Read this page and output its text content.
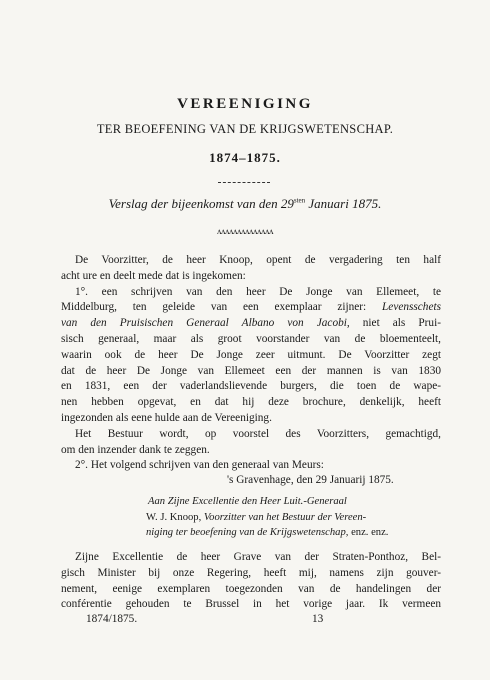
VEREENIGING
TER BEOEFENING VAN DE KRIJGSWETENSCHAP.
1874–1875.
Verslag der bijeenkomst van den $29^{sten}$ Januari 1875.
ʌʌʌʌʌʌʌʌʌʌʌʌʌʌ
De Voorzitter, de heer Knoop, opent de vergadering ten half
acht ure en deelt mede dat is ingekomen:
1°. een schrijven van den heer De Jonge van Ellemeet, te
Middelburg, ten geleide van een exemplaar zijner: Levensschets
van den Pruisischen Generaal Albano von Jacobi, niet als Prui-
sisch generaal, maar als groot voorstander van de bloementeelt,
waarin ook de heer De Jonge zeer uitmunt. De Voorzitter zegt
dat de heer De Jonge van Ellemeet een der mannen is van 1830
en 1831, een der vaderlandslievende burgers, die toen de wape-
nen hebben opgevat, en dat hij deze brochure, denkelijk, heeft
ingezonden als eene hulde aan de Vereeniging.
Het Bestuur wordt, op voorstel des Voorzitters, gemachtigd,
om den inzender dank te zeggen.
2°. Het volgend schrijven van den generaal van Meurs:
's Gravenhage, den 29 Januarij 1875.
Aan Zijne Excellentie den Heer Luit.-Generaal
W. J. Knoop, Voorzitter van het Bestuur der Vereen-
niging ter beoefening van de Krijgswetenschap, enz. enz.
Zijne Excellentie de heer Grave van der Straten-Ponthoz, Bel-
gisch Minister bij onze Regering, heeft mij, namens zijn gouver-
nement, eenige exemplaren toegezonden van de handelingen der
conférentie gehouden te Brussel in het vorige jaar. Ik vermeen
1874/1875.	13
